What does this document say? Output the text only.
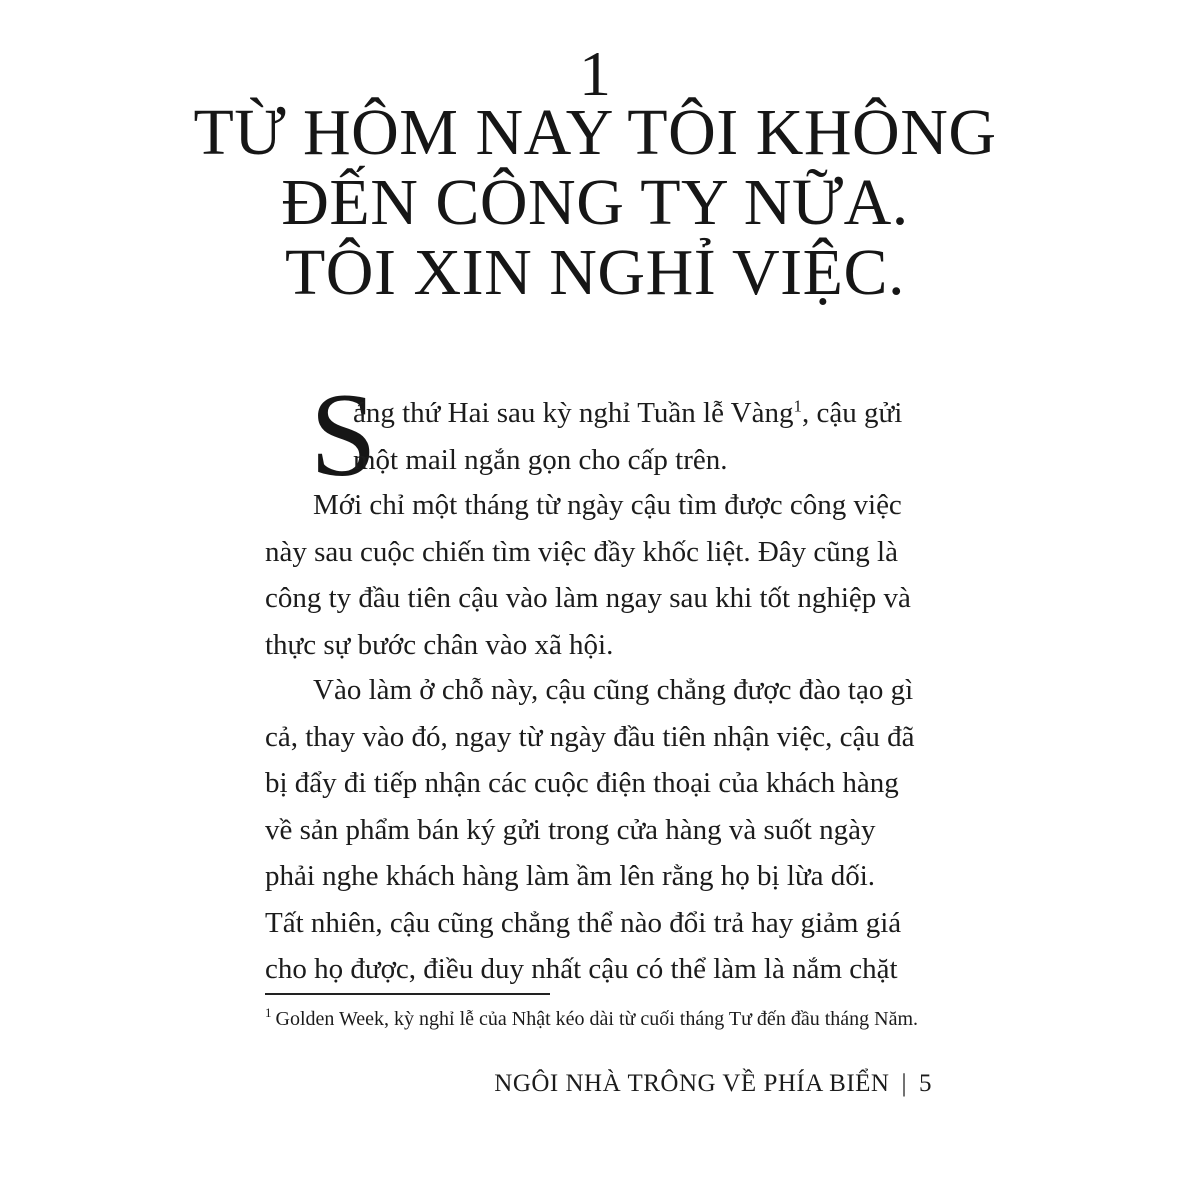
1
TỪ HÔM NAY TÔI KHÔNG
ĐẾN CÔNG TY NỮA.
TÔI XIN NGHỈ VIỆC.
S
áng thứ Hai sau kỳ nghỉ Tuần lễ Vàng$^1$, cậu gửi
một mail ngắn gọn cho cấp trên.
Mới chỉ một tháng từ ngày cậu tìm được công việc
này sau cuộc chiến tìm việc đầy khốc liệt. Đây cũng là
công ty đầu tiên cậu vào làm ngay sau khi tốt nghiệp và
thực sự bước chân vào xã hội.
Vào làm ở chỗ này, cậu cũng chẳng được đào tạo gì
cả, thay vào đó, ngay từ ngày đầu tiên nhận việc, cậu đã
bị đẩy đi tiếp nhận các cuộc điện thoại của khách hàng
về sản phẩm bán ký gửi trong cửa hàng và suốt ngày
phải nghe khách hàng làm ầm lên rằng họ bị lừa dối.
Tất nhiên, cậu cũng chẳng thể nào đổi trả hay giảm giá
cho họ được, điều duy nhất cậu có thể làm là nắm chặt
$^1$ Golden Week, kỳ nghỉ lễ của Nhật kéo dài từ cuối tháng Tư đến đầu tháng Năm.
NGÔI NHÀ TRÔNG VỀ PHÍA BIỂN | 5
